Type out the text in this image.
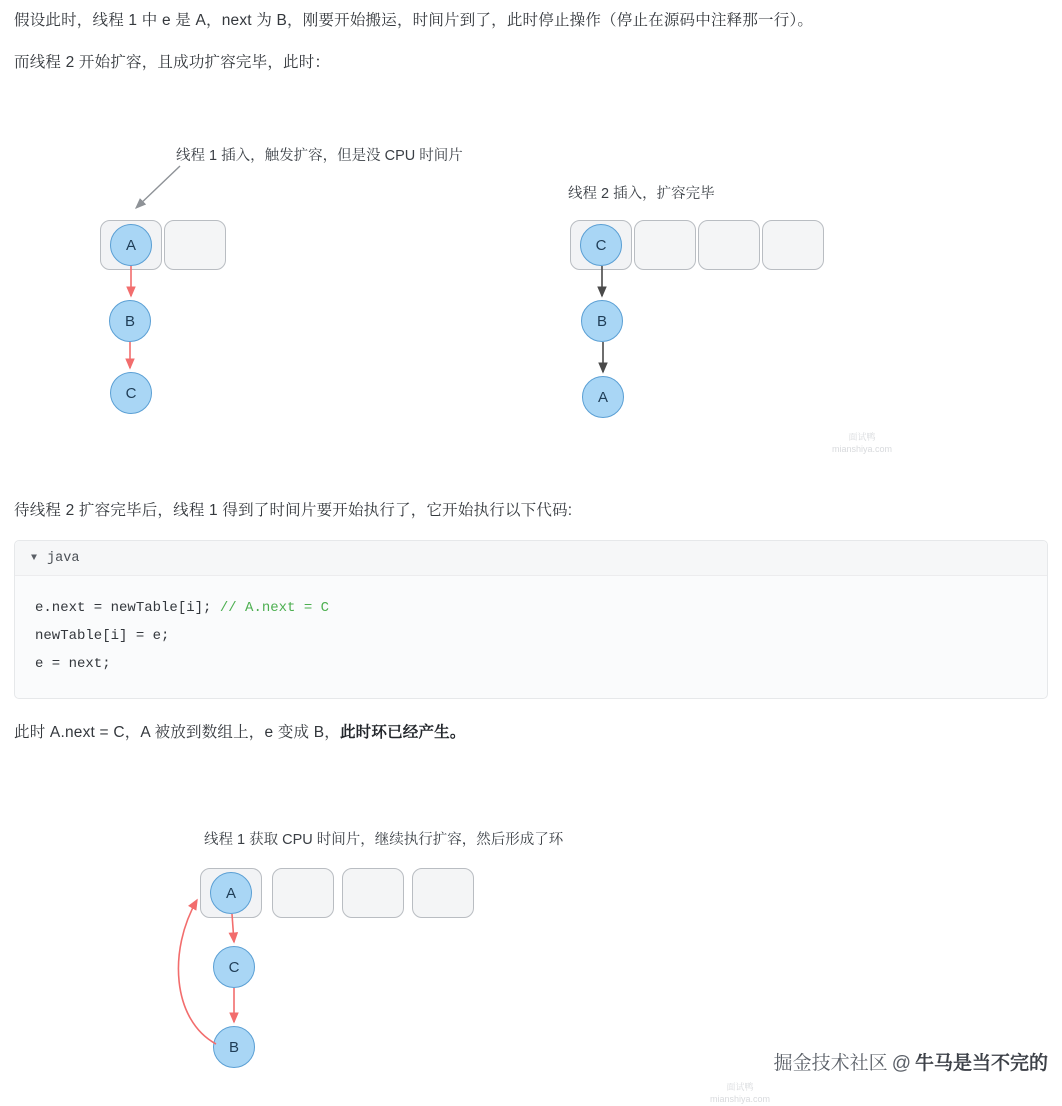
假设此时，线程 1 中 e 是 A，next 为 B，刚要开始搬运，时间片到了，此时停止操作（停止在源码中注释那一行）。

而线程 2 开始扩容，且成功扩容完毕，此时：

线程 1 插入，触发扩容，但是没 CPU 时间片
线程 2 插入，扩容完毕
A
B
C
C
B
A
线程 1 获取 CPU 时间片，继续执行扩容，然后形成了环
A
C
B

待线程 2 扩容完毕后，线程 1 得到了时间片要开始执行了，它开始执行以下代码:

▼ java
e.next = newTable[i]; // A.next = C
newTable[i] = e;
e = next;

此时 A.next = C，A 被放到数组上，e 变成 B，此时环已经产生。

面试鸭
mianshiya.com
面试鸭
mianshiya.com
掘金技术社区 @ 牛马是当不完的
